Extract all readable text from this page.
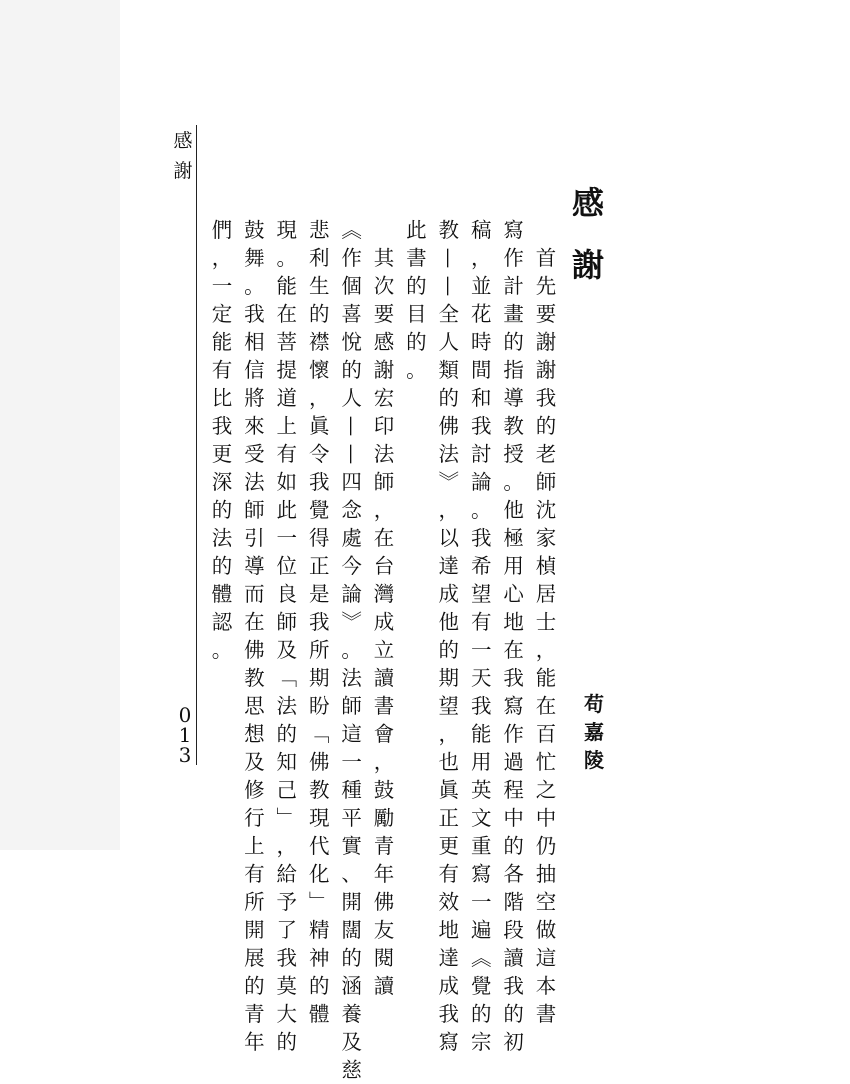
感
謝
0
1
3
感
謝
首
先
要
謝
謝
我
的
老
師
沈
家
楨
居
士
，
能
在
百
忙
之
中
仍
抽
空
做
這
本
書
寫
作
計
畫
的
指
導
教
授
。
他
極
用
心
地
在
我
寫
作
過
程
中
的
各
階
段
讀
我
的
初
稿
，
並
花
時
間
和
我
討
論
。
我
希
望
有
一
天
我
能
用
英
文
重
寫
一
遍
︽
覺
的
宗
教
—
—
全
人
類
的
佛
法
︾
，
以
達
成
他
的
期
望
，
也
眞
正
更
有
效
地
達
成
我
寫
此
書
的
目
的
。
其
次
要
感
謝
宏
印
法
師
，
在
台
灣
成
立
讀
書
會
，
鼓
勵
青
年
佛
友
閱
讀
︽
作
個
喜
悅
的
人
—
—
四
念
處
今
論
︾
。
法
師
這
一
種
平
實
、
開
闊
的
涵
養
及
慈
悲
利
生
的
襟
懷
，
眞
令
我
覺
得
正
是
我
所
期
盼
﹁
佛
教
現
代
化
﹂
精
神
的
體
現
。
能
在
菩
提
道
上
有
如
此
一
位
良
師
及
﹁
法
的
知
己
﹂
，
給
予
了
我
莫
大
的
鼓
舞
。
我
相
信
將
來
受
法
師
引
導
而
在
佛
教
思
想
及
修
行
上
有
所
開
展
的
青
年
們
，
一
定
能
有
比
我
更
深
的
法
的
體
認
。
苟
嘉
陵
